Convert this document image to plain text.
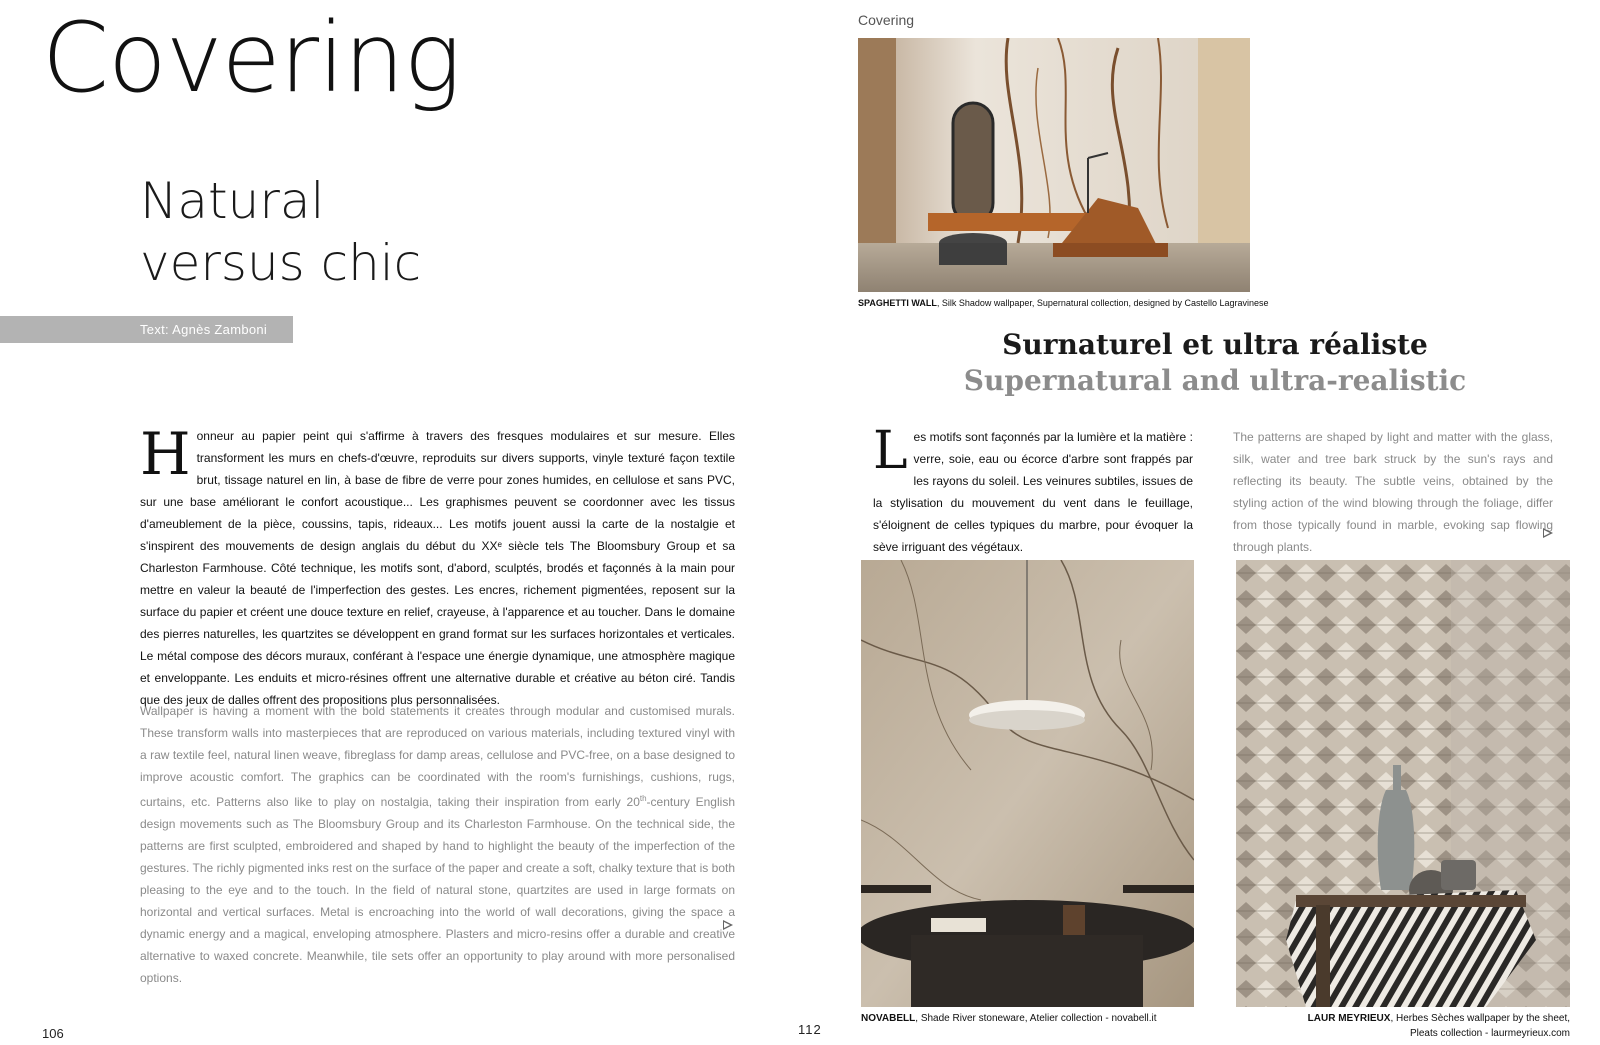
Covering
Natural
versus chic
Text: Agnès Zamboni

Honneur au papier peint qui s'affirme à travers des fresques modulaires et sur mesure. Elles transforment les murs en chefs-d'œuvre, reproduits sur divers supports, vinyle texturé façon textile brut, tissage naturel en lin, à base de fibre de verre pour zones humides, en cellulose et sans PVC, sur une base améliorant le confort acoustique... Les graphismes peuvent se coordonner avec les tissus d'ameublement de la pièce, coussins, tapis, rideaux... Les motifs jouent aussi la carte de la nostalgie et s'inspirent des mouvements de design anglais du début du XXᵉ siècle tels The Bloomsbury Group et sa Charleston Farmhouse. Côté technique, les motifs sont, d'abord, sculptés, brodés et façonnés à la main pour mettre en valeur la beauté de l'imperfection des gestes. Les encres, richement pigmentées, reposent sur la surface du papier et créent une douce texture en relief, crayeuse, à l'apparence et au toucher. Dans le domaine des pierres naturelles, les quartzites se développent en grand format sur les surfaces horizontales et verticales. Le métal compose des décors muraux, conférant à l'espace une énergie dynamique, une atmosphère magique et enveloppante. Les enduits et micro-résines offrent une alternative durable et créative au béton ciré. Tandis que des jeux de dalles offrent des propositions plus personnalisées.

Wallpaper is having a moment with the bold statements it creates through modular and customised murals. These transform walls into masterpieces that are reproduced on various materials, including textured vinyl with a raw textile feel, natural linen weave, fibreglass for damp areas, cellulose and PVC-free, on a base designed to improve acoustic comfort. The graphics can be coordinated with the room's furnishings, cushions, rugs, curtains, etc. Patterns also like to play on nostalgia, taking their inspiration from early 20th-century English design movements such as The Bloomsbury Group and its Charleston Farmhouse. On the technical side, the patterns are first sculpted, embroidered and shaped by hand to highlight the beauty of the imperfection of the gestures. The richly pigmented inks rest on the surface of the paper and create a soft, chalky texture that is both pleasing to the eye and to the touch. In the field of natural stone, quartzites are used in large formats on horizontal and vertical surfaces. Metal is encroaching into the world of wall decorations, giving the space a dynamic energy and a magical, enveloping atmosphere. Plasters and micro-resins offer a durable and creative alternative to waxed concrete. Meanwhile, tile sets offer an opportunity to play around with more personalised options.

106	112
Covering
SPAGHETTI WALL, Silk Shadow wallpaper, Supernatural collection, designed by Castello Lagravinese
Surnaturel et ultra réaliste
Supernatural and ultra-realistic

Les motifs sont façonnés par la lumière et la matière : verre, soie, eau ou écorce d'arbre sont frappés par les rayons du soleil. Les veinures subtiles, issues de la stylisation du mouvement du vent dans le feuillage, s'éloignent de celles typiques du marbre, pour évoquer la sève irriguant des végétaux.

The patterns are shaped by light and matter with the glass, silk, water and tree bark struck by the sun's rays and reflecting its beauty. The subtle veins, obtained by the styling action of the wind blowing through the foliage, differ from those typically found in marble, evoking sap flowing through plants.

NOVABELL, Shade River stoneware, Atelier collection - novabell.it	LAUR MEYRIEUX, Herbes Sèches wallpaper by the sheet,
Pleats collection - laurmeyrieux.com
